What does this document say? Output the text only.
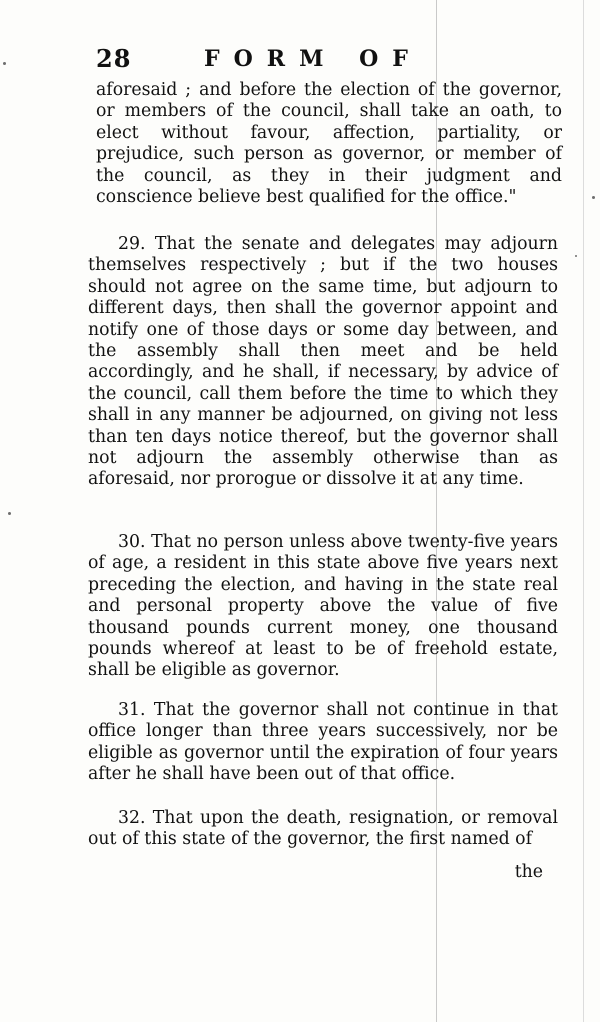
28	FORM OF

aforesaid ; and before the election of the governor, or members of the council, shall take an oath, to elect without favour, affection, partiality, or prejudice, such person as governor, or member of the council, as they in their judgment and conscience believe best qualified for the office."

29. That the senate and delegates may adjourn themselves respectively ; but if the two houses should not agree on the same time, but adjourn to different days, then shall the governor appoint and notify one of those days or some day between, and the assembly shall then meet and be held accordingly, and he shall, if necessary, by advice of the council, call them before the time to which they shall in any manner be adjourned, on giving not less than ten days notice thereof, but the governor shall not adjourn the assembly otherwise than as aforesaid, nor prorogue or dissolve it at any time.

30. That no person unless above twenty-five years of age, a resident in this state above five years next preceding the election, and having in the state real and personal property above the value of five thousand pounds current money, one thousand pounds whereof at least to be of freehold estate, shall be eligible as governor.

31. That the governor shall not continue in that office longer than three years successively, nor be eligible as governor until the expiration of four years after he shall have been out of that office.

32. That upon the death, resignation, or removal out of this state of the governor, the first named of

the
